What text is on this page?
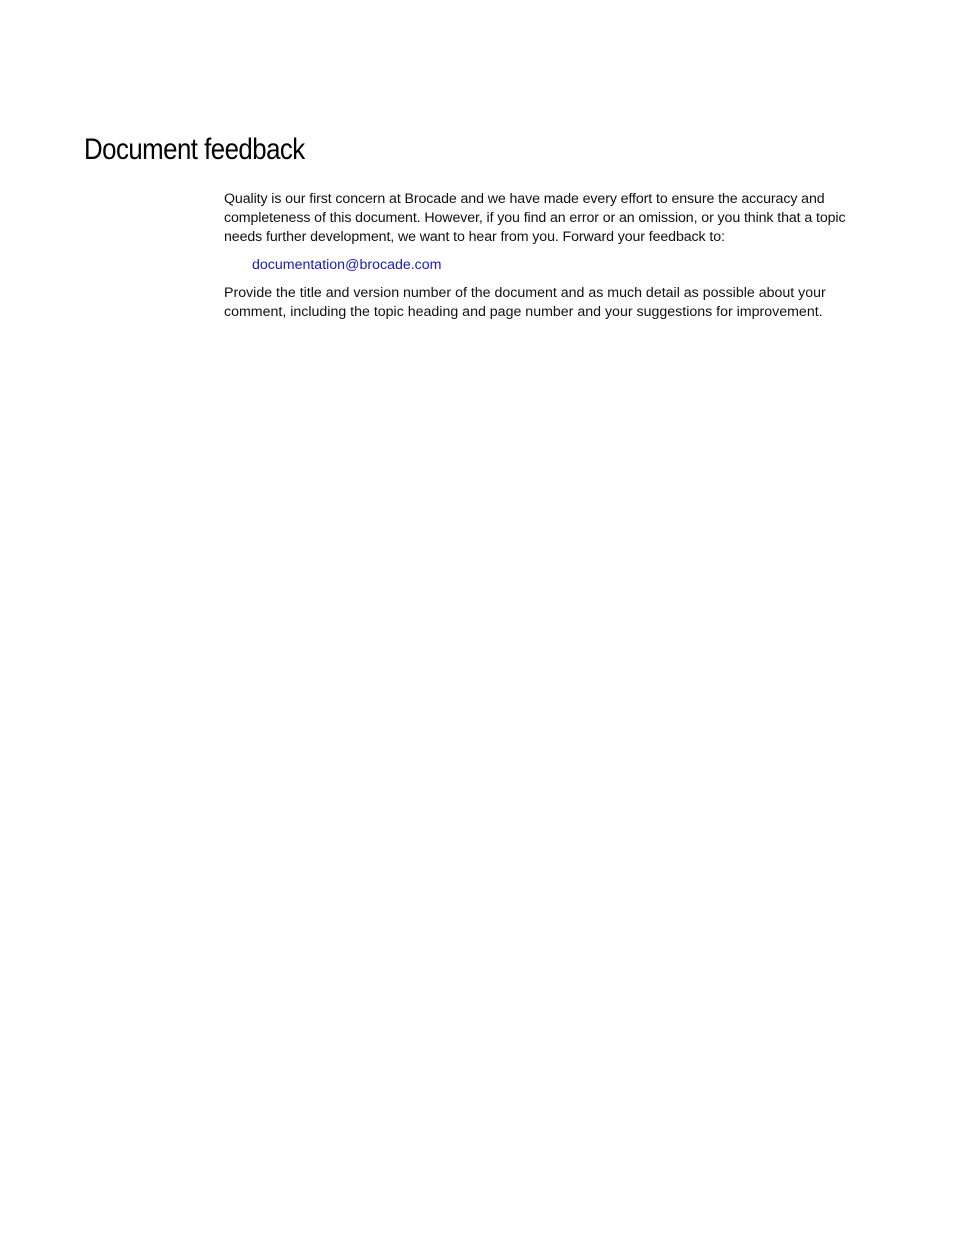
Document feedback

Quality is our first concern at Brocade and we have made every effort to ensure the accuracy and completeness of this document. However, if you find an error or an omission, or you think that a topic needs further development, we want to hear from you. Forward your feedback to:

documentation@brocade.com

Provide the title and version number of the document and as much detail as possible about your comment, including the topic heading and page number and your suggestions for improvement.
